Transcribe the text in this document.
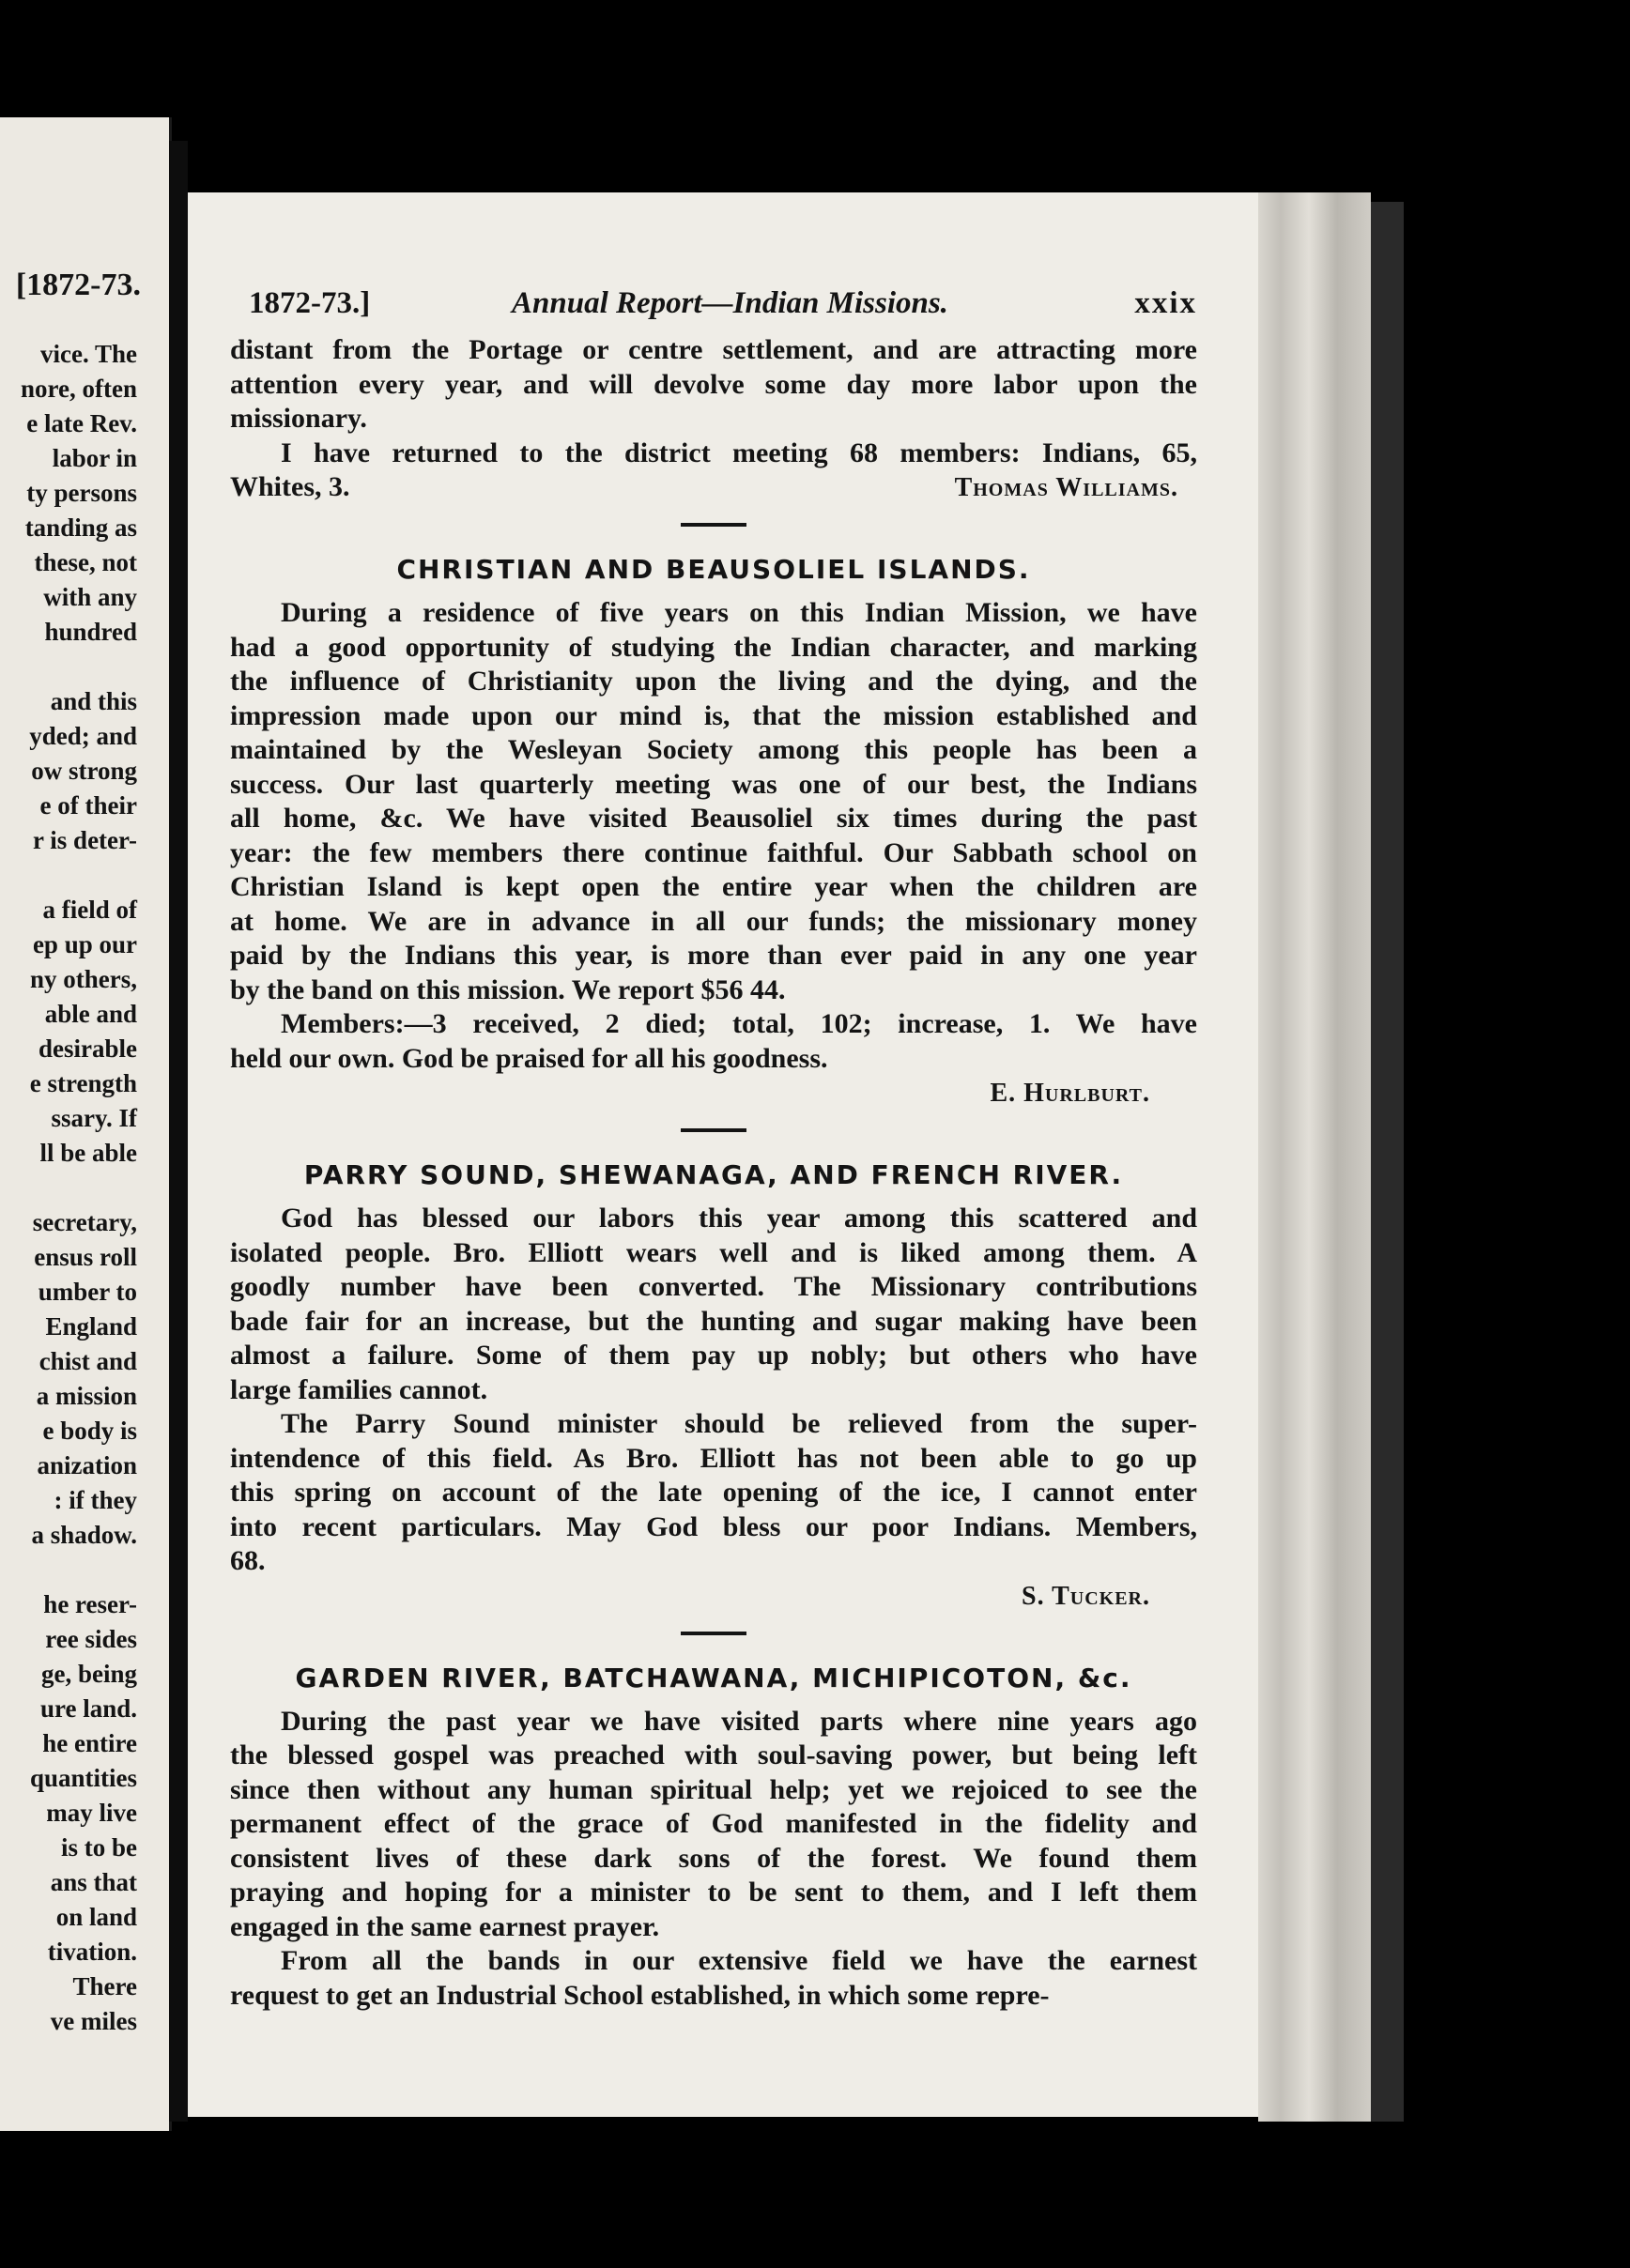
[1872-73.
vice. The
nore, often
e late Rev.
labor in
ty persons
tanding as
these, not
with any
hundred
and this
yded; and
ow strong
e of their
r is deter-
a field of
ep up our
ny others,
able and
desirable
e strength
ssary. If
ll be able
secretary,
ensus roll
umber to
England
chist and
a mission
e body is
anization
: if they
a shadow.
he reser-
ree sides
ge, being
ure land.
he entire
quantities
may live
is to be
ans that
on land
tivation.
There
ve miles
1872-73.]	Annual Report—Indian Missions.	xxix
distant from the Portage or centre settlement, and are attracting more
attention every year, and will devolve some day more labor upon the
missionary.
I have returned to the district meeting 68 members: Indians, 65,
Whites, 3.	Thomas Williams.
CHRISTIAN AND BEAUSOLIEL ISLANDS.
During a residence of five years on this Indian Mission, we have
had a good opportunity of studying the Indian character, and marking
the influence of Christianity upon the living and the dying, and the
impression made upon our mind is, that the mission established and
maintained by the Wesleyan Society among this people has been a
success. Our last quarterly meeting was one of our best, the Indians
all home, &c. We have visited Beausoliel six times during the past
year: the few members there continue faithful. Our Sabbath school on
Christian Island is kept open the entire year when the children are
at home. We are in advance in all our funds; the missionary money
paid by the Indians this year, is more than ever paid in any one year
by the band on this mission. We report $56 44.
Members:—3 received, 2 died; total, 102; increase, 1. We have
held our own. God be praised for all his goodness.
E. Hurlburt.
PARRY SOUND, SHEWANAGA, AND FRENCH RIVER.
God has blessed our labors this year among this scattered and
isolated people. Bro. Elliott wears well and is liked among them. A
goodly number have been converted. The Missionary contributions
bade fair for an increase, but the hunting and sugar making have been
almost a failure. Some of them pay up nobly; but others who have
large families cannot.
The Parry Sound minister should be relieved from the super-
intendence of this field. As Bro. Elliott has not been able to go up
this spring on account of the late opening of the ice, I cannot enter
into recent particulars. May God bless our poor Indians. Members,
68.
S. Tucker.
GARDEN RIVER, BATCHAWANA, MICHIPICOTON, &c.
During the past year we have visited parts where nine years ago
the blessed gospel was preached with soul-saving power, but being left
since then without any human spiritual help; yet we rejoiced to see the
permanent effect of the grace of God manifested in the fidelity and
consistent lives of these dark sons of the forest. We found them
praying and hoping for a minister to be sent to them, and I left them
engaged in the same earnest prayer.
From all the bands in our extensive field we have the earnest
request to get an Industrial School established, in which some repre-
